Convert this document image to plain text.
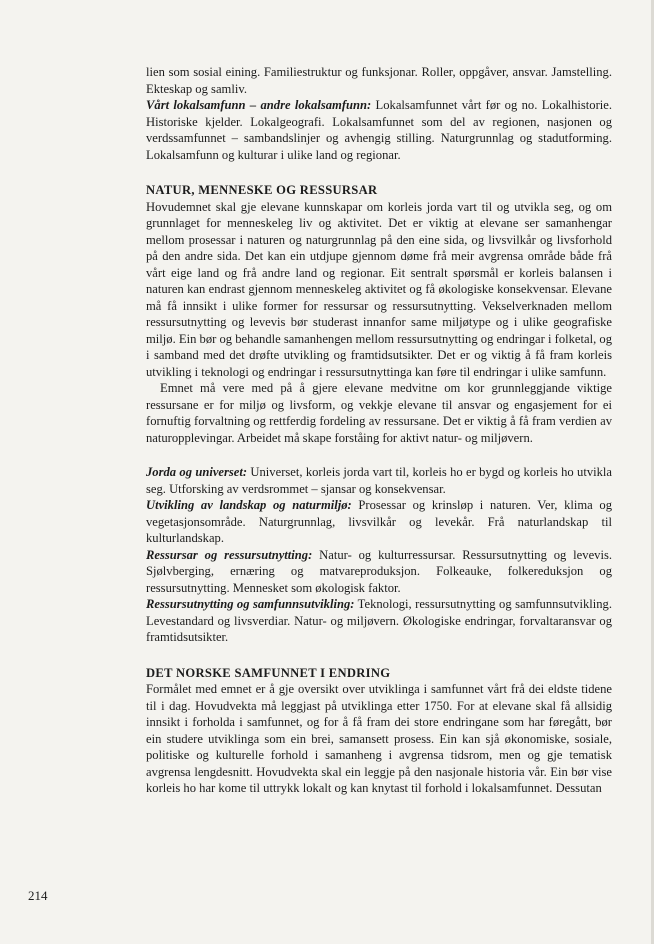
lien som sosial eining. Familiestruktur og funksjonar. Roller, oppgåver, ansvar. Jamstelling. Ekteskap og samliv.

Vårt lokalsamfunn – andre lokalsamfunn: Lokalsamfunnet vårt før og no. Lokalhistorie. Historiske kjelder. Lokalgeografi. Lokalsamfunnet som del av regionen, nasjonen og verdssamfunnet – sambandslinjer og avhengig stilling. Naturgrunnlag og stadutforming. Lokalsamfunn og kulturar i ulike land og regionar.

NATUR, MENNESKE OG RESSURSAR

Hovudemnet skal gje elevane kunnskapar om korleis jorda vart til og utvikla seg, og om grunnlaget for menneskeleg liv og aktivitet. Det er viktig at elevane ser samanhengar mellom prosessar i naturen og naturgrunnlag på den eine sida, og livsvilkår og livsforhold på den andre sida. Det kan ein utdjupe gjennom døme frå meir avgrensa område både frå vårt eige land og frå andre land og regionar. Eit sentralt spørsmål er korleis balansen i naturen kan endrast gjennom menneskeleg aktivitet og få økologiske konsekvensar. Elevane må få innsikt i ulike former for ressursar og ressursutnytting. Vekselverknaden mellom ressursutnytting og levevis bør studerast innanfor same miljøtype og i ulike geografiske miljø. Ein bør og behandle samanhengen mellom ressursutnytting og endringar i folketal, og i samband med det drøfte utvikling og framtidsutsikter. Det er og viktig å få fram korleis utvikling i teknologi og endringar i ressursutnyttinga kan føre til endringar i ulike samfunn.

Emnet må vere med på å gjere elevane medvitne om kor grunnleggjande viktige ressursane er for miljø og livsform, og vekkje elevane til ansvar og engasjement for ei fornuftig forvaltning og rettferdig fordeling av ressursane. Det er viktig å få fram verdien av naturopplevingar. Arbeidet må skape forståing for aktivt natur- og miljøvern.

Jorda og universet: Universet, korleis jorda vart til, korleis ho er bygd og korleis ho utvikla seg. Utforsking av verdsrommet – sjansar og konsekvensar.

Utvikling av landskap og naturmiljø: Prosessar og krinsløp i naturen. Ver, klima og vegetasjonsområde. Naturgrunnlag, livsvilkår og levekår. Frå naturlandskap til kulturlandskap.

Ressursar og ressursutnytting: Natur- og kulturressursar. Ressursutnytting og levevis. Sjølvberging, ernæring og matvareproduksjon. Folkeauke, folkereduksjon og ressursutnytting. Mennesket som økologisk faktor.

Ressursutnytting og samfunnsutvikling: Teknologi, ressursutnytting og samfunnsutvikling. Levestandard og livsverdiar. Natur- og miljøvern. Økologiske endringar, forvaltaransvar og framtidsutsikter.

DET NORSKE SAMFUNNET I ENDRING

Formålet med emnet er å gje oversikt over utviklinga i samfunnet vårt frå dei eldste tidene til i dag. Hovudvekta må leggjast på utviklinga etter 1750. For at elevane skal få allsidig innsikt i forholda i samfunnet, og for å få fram dei store endringane som har føregått, bør ein studere utviklinga som ein brei, samansett prosess. Ein kan sjå økonomiske, sosiale, politiske og kulturelle forhold i samanheng i avgrensa tidsrom, men og gje tematisk avgrensa lengdesnitt. Hovudvekta skal ein leggje på den nasjonale historia vår. Ein bør vise korleis ho har kome til uttrykk lokalt og kan knytast til forhold i lokalsamfunnet. Dessutan

214
